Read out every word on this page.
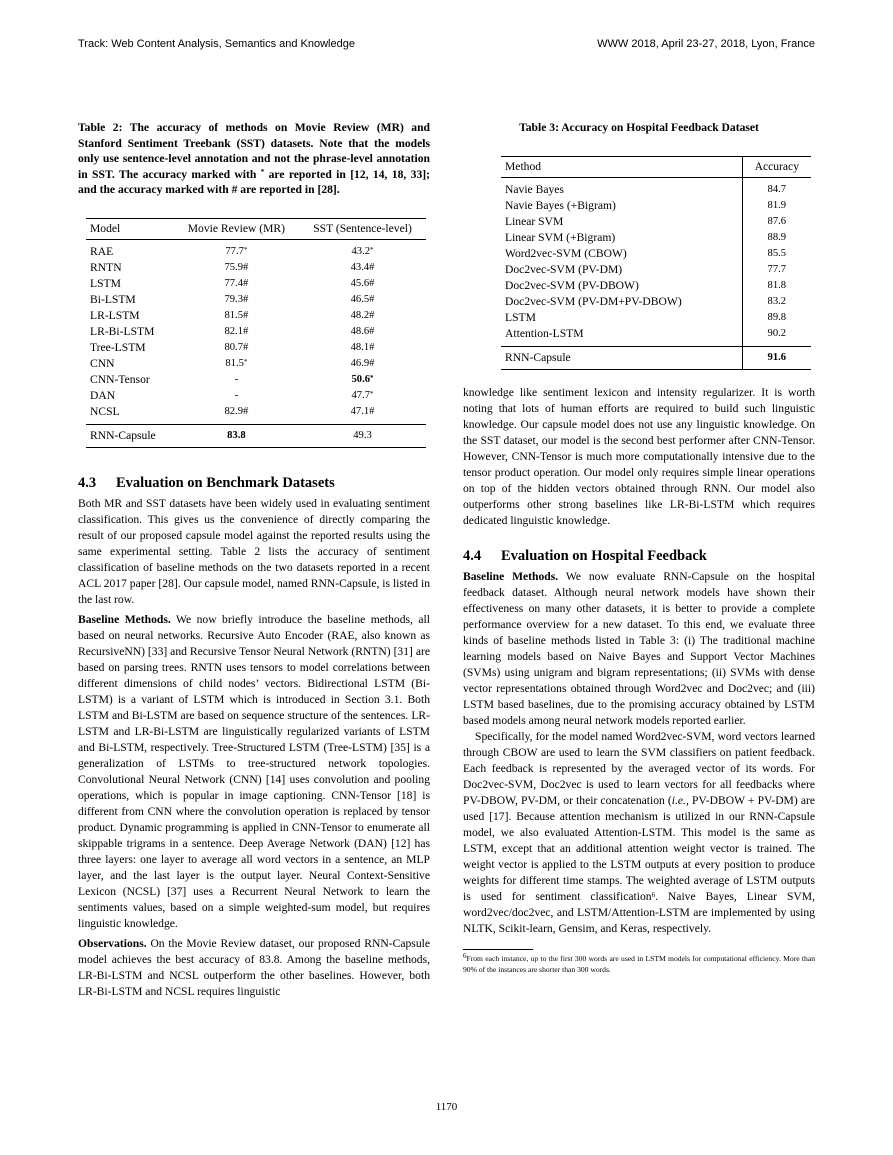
Track: Web Content Analysis, Semantics and Knowledge	WWW 2018, April 23-27, 2018, Lyon, France
Table 2: The accuracy of methods on Movie Review (MR) and Stanford Sentiment Treebank (SST) datasets. Note that the models only use sentence-level annotation and not the phrase-level annotation in SST. The accuracy marked with * are reported in [12, 14, 18, 33]; and the accuracy marked with # are reported in [28].
Model	Movie Review (MR)	SST (Sentence-level)
RAE	77.7*	43.2*
RNTN	75.9#	43.4#
LSTM	77.4#	45.6#
Bi-LSTM	79.3#	46.5#
LR-LSTM	81.5#	48.2#
LR-Bi-LSTM	82.1#	48.6#
Tree-LSTM	80.7#	48.1#
CNN	81.5*	46.9#
CNN-Tensor	-	50.6*
DAN	-	47.7*
NCSL	82.9#	47.1#
RNN-Capsule	83.8	49.3
4.3 Evaluation on Benchmark Datasets

Both MR and SST datasets have been widely used in evaluating sentiment classification. This gives us the convenience of directly comparing the result of our proposed capsule model against the reported results using the same experimental setting. Table 2 lists the accuracy of sentiment classification of baseline methods on the two datasets reported in a recent ACL 2017 paper [28]. Our capsule model, named RNN-Capsule, is listed in the last row.

Baseline Methods. We now briefly introduce the baseline methods, all based on neural networks. Recursive Auto Encoder (RAE, also known as RecursiveNN) [33] and Recursive Tensor Neural Network (RNTN) [31] are based on parsing trees. RNTN uses tensors to model correlations between different dimensions of child nodes’ vectors. Bidirectional LSTM (Bi-LSTM) is a variant of LSTM which is introduced in Section 3.1. Both LSTM and Bi-LSTM are based on sequence structure of the sentences. LR-LSTM and LR-Bi-LSTM are linguistically regularized variants of LSTM and Bi-LSTM, respectively. Tree-Structured LSTM (Tree-LSTM) [35] is a generalization of LSTMs to tree-structured network topologies. Convolutional Neural Network (CNN) [14] uses convolution and pooling operations, which is popular in image captioning. CNN-Tensor [18] is different from CNN where the convolution operation is replaced by tensor product. Dynamic programming is applied in CNN-Tensor to enumerate all skippable trigrams in a sentence. Deep Average Network (DAN) [12] has three layers: one layer to average all word vectors in a sentence, an MLP layer, and the last layer is the output layer. Neural Context-Sensitive Lexicon (NCSL) [37] uses a Recurrent Neural Network to learn the sentiments values, based on a simple weighted-sum model, but requires linguistic knowledge.

Observations. On the Movie Review dataset, our proposed RNN-Capsule model achieves the best accuracy of 83.8. Among the baseline methods, LR-Bi-LSTM and NCSL outperform the other baselines. However, both LR-Bi-LSTM and NCSL requires linguistic

Table 3: Accuracy on Hospital Feedback Dataset
Method	Accuracy
Navie Bayes	84.7
Navie Bayes (+Bigram)	81.9
Linear SVM	87.6
Linear SVM (+Bigram)	88.9
Word2vec-SVM (CBOW)	85.5
Doc2vec-SVM (PV-DM)	77.7
Doc2vec-SVM (PV-DBOW)	81.8
Doc2vec-SVM (PV-DM+PV-DBOW)	83.2
LSTM	89.8
Attention-LSTM	90.2
RNN-Capsule	91.6

knowledge like sentiment lexicon and intensity regularizer. It is worth noting that lots of human efforts are required to build such linguistic knowledge. Our capsule model does not use any linguistic knowledge. On the SST dataset, our model is the second best performer after CNN-Tensor. However, CNN-Tensor is much more computationally intensive due to the tensor product operation. Our model only requires simple linear operations on top of the hidden vectors obtained through RNN. Our model also outperforms other strong baselines like LR-Bi-LSTM which requires dedicated linguistic knowledge.

4.4 Evaluation on Hospital Feedback

Baseline Methods. We now evaluate RNN-Capsule on the hospital feedback dataset. Although neural network models have shown their effectiveness on many other datasets, it is better to provide a complete performance overview for a new dataset. To this end, we evaluate three kinds of baseline methods listed in Table 3: (i) The traditional machine learning models based on Naive Bayes and Support Vector Machines (SVMs) using unigram and bigram representations; (ii) SVMs with dense vector representations obtained through Word2vec and Doc2vec; and (iii) LSTM based baselines, due to the promising accuracy obtained by LSTM based models among neural network models reported earlier.

Specifically, for the model named Word2vec-SVM, word vectors learned through CBOW are used to learn the SVM classifiers on patient feedback. Each feedback is represented by the averaged vector of its words. For Doc2vec-SVM, Doc2vec is used to learn vectors for all feedbacks where PV-DBOW, PV-DM, or their concatenation (i.e., PV-DBOW + PV-DM) are used [17]. Because attention mechanism is utilized in our RNN-Capsule model, we also evaluated Attention-LSTM. This model is the same as LSTM, except that an additional attention weight vector is trained. The weight vector is applied to the LSTM outputs at every position to produce weights for different time stamps. The weighted average of LSTM outputs is used for sentiment classification$^6$. Naive Bayes, Linear SVM, word2vec/doc2vec, and LSTM/Attention-LSTM are implemented by using NLTK, Scikit-learn, Gensim, and Keras, respectively.

$^6$From each instance, up to the first 300 words are used in LSTM models for computational efficiency. More than 90% of the instances are shorter than 300 words.
1170
